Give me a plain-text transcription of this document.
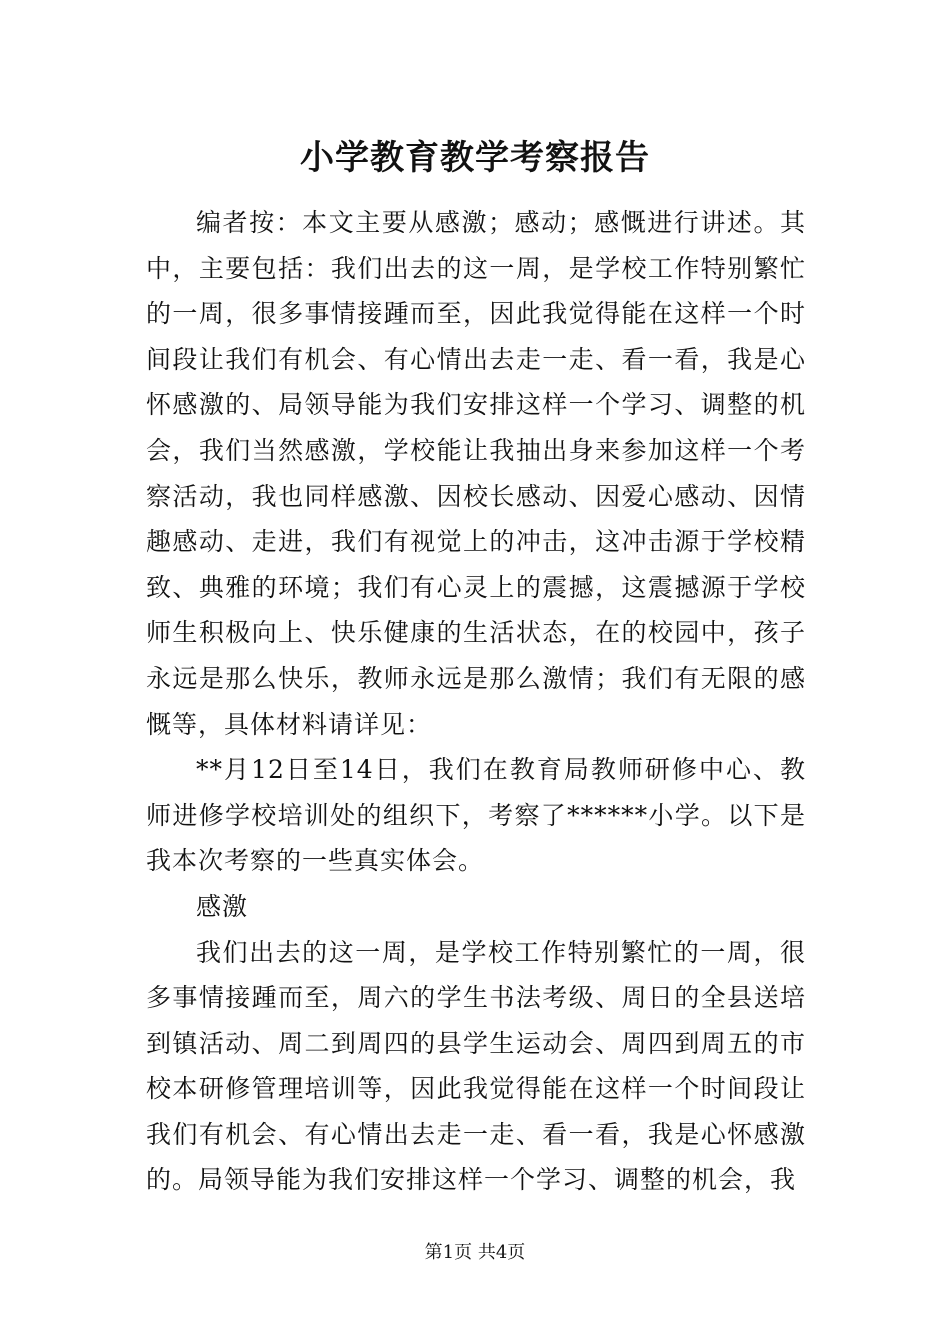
小学教育教学考察报告

编者按：本文主要从感激；感动；感慨进行讲述。其中，主要包括：我们出去的这一周，是学校工作特别繁忙的一周，很多事情接踵而至，因此我觉得能在这样一个时间段让我们有机会、有心情出去走一走、看一看，我是心怀感激的、局领导能为我们安排这样一个学习、调整的机会，我们当然感激，学校能让我抽出身来参加这样一个考察活动，我也同样感激、因校长感动、因爱心感动、因情趣感动、走进，我们有视觉上的冲击，这冲击源于学校精致、典雅的环境；我们有心灵上的震撼，这震撼源于学校师生积极向上、快乐健康的生活状态，在的校园中，孩子永远是那么快乐，教师永远是那么激情；我们有无限的感慨等，具体材料请详见：

**月12日至14日，我们在教育局教师研修中心、教师进修学校培训处的组织下，考察了******小学。以下是我本次考察的一些真实体会。

感激

我们出去的这一周，是学校工作特别繁忙的一周，很多事情接踵而至，周六的学生书法考级、周日的全县送培到镇活动、周二到周四的县学生运动会、周四到周五的市校本研修管理培训等，因此我觉得能在这样一个时间段让我们有机会、有心情出去走一走、看一看，我是心怀感激的。局领导能为我们安排这样一个学习、调整的机会，我

第1页 共4页
